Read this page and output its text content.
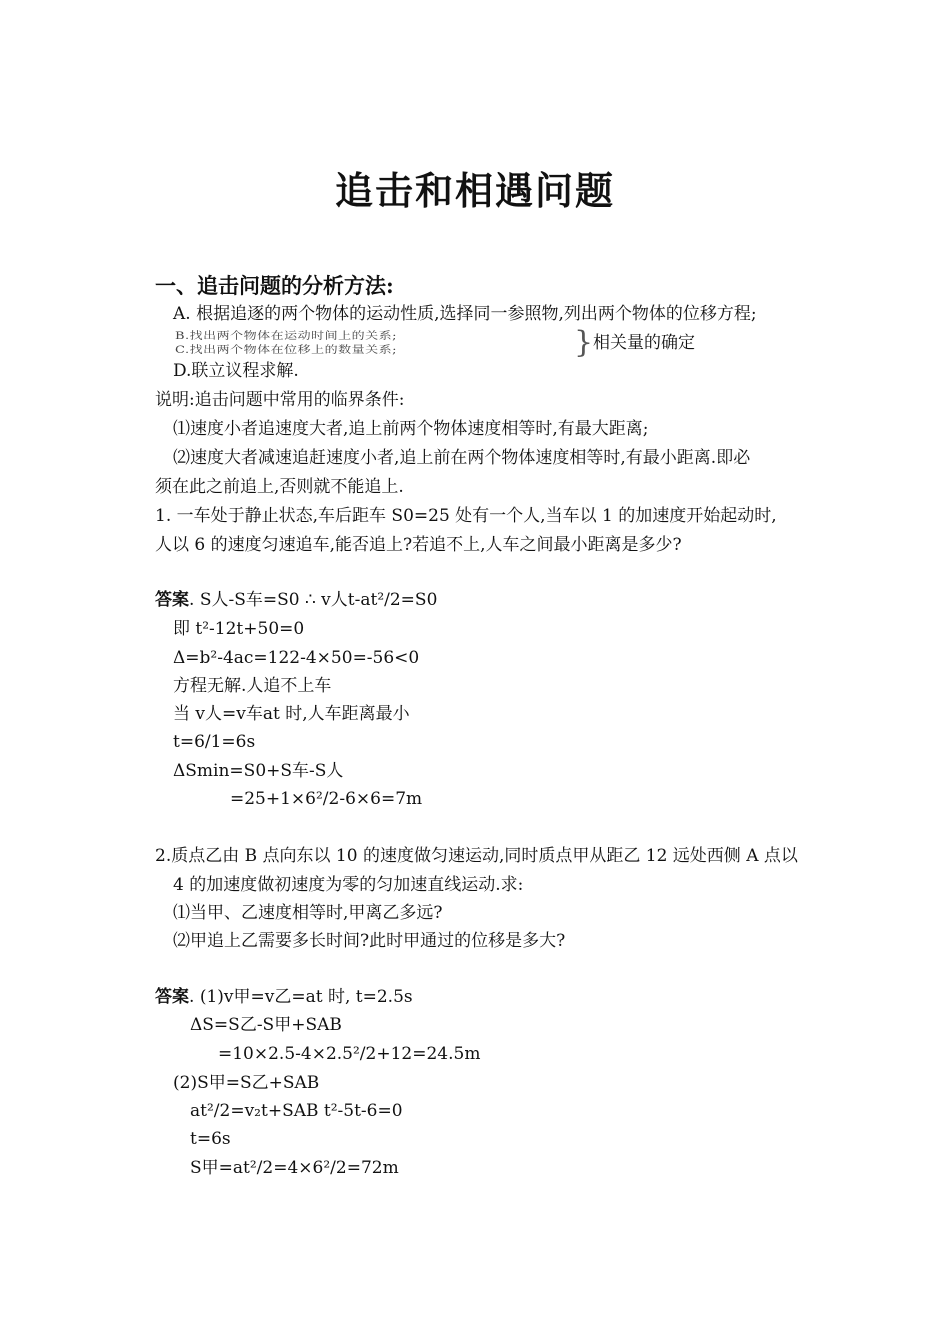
追击和相遇问题
一、追击问题的分析方法:
A. 根据追逐的两个物体的运动性质,选择同一参照物,列出两个物体的位移方程;
B.找出两个物体在运动时间上的关系;
C.找出两个物体在位移上的数量关系;	} 相关量的确定
D.联立议程求解.
说明:追击问题中常用的临界条件:
⑴速度小者追速度大者,追上前两个物体速度相等时,有最大距离;
⑵速度大者减速追赶速度小者,追上前在两个物体速度相等时,有最小距离.即必
须在此之前追上,否则就不能追上.
1. 一车处于静止状态,车后距车 S0=25 处有一个人,当车以 1 的加速度开始起动时,
人以 6 的速度匀速追车,能否追上?若追不上,人车之间最小距离是多少?
答案. S人-S车=S0 ∴ v人t-at²/2=S0
即 t²-12t+50=0
Δ=b²-4ac=122-4×50=-56<0
方程无解.人追不上车
当 v人=v车at 时,人车距离最小
t=6/1=6s
ΔSmin=S0+S车-S人
=25+1×6²/2-6×6=7m
2.质点乙由 B 点向东以 10 的速度做匀速运动,同时质点甲从距乙 12 远处西侧 A 点以
4 的加速度做初速度为零的匀加速直线运动.求:
⑴当甲、乙速度相等时,甲离乙多远?
⑵甲追上乙需要多长时间?此时甲通过的位移是多大?
答案. (1)v甲=v乙=at 时, t=2.5s
ΔS=S乙-S甲+SAB
=10×2.5-4×2.5²/2+12=24.5m
(2)S甲=S乙+SAB
at²/2=v₂t+SAB t²-5t-6=0
t=6s
S甲=at²/2=4×6²/2=72m
